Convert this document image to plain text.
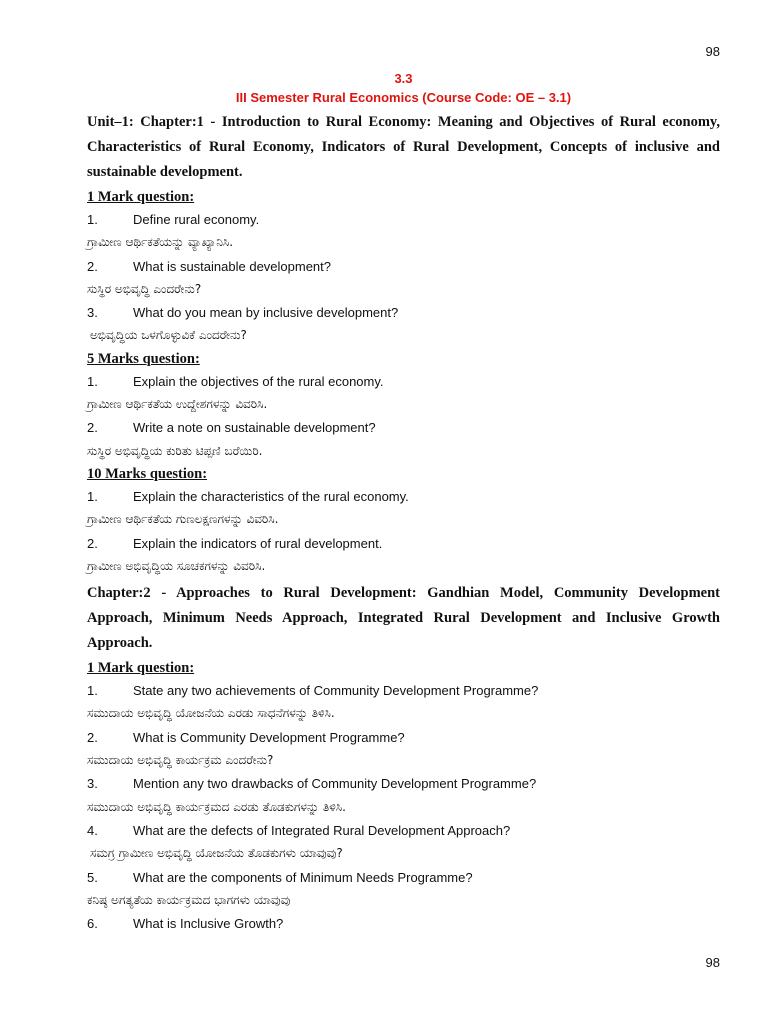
98
3.3
III Semester Rural Economics (Course Code: OE – 3.1)
Unit–1: Chapter:1 - Introduction to Rural Economy: Meaning and Objectives of Rural economy, Characteristics of Rural Economy, Indicators of Rural Development, Concepts of inclusive and sustainable development.
1 Mark question:
1.	Define rural economy.
ಗ್ರಾಮೀಣ ಆರ್ಥಿಕತೆಯನ್ನು ವ್ಯಾಖ್ಯಾನಿಸಿ.
2.	What is sustainable development?
ಸುಸ್ಥಿರ ಅಭಿವೃದ್ಧಿ ಎಂದರೇನು?
3.	What do you mean by inclusive development?
ಅಭಿವೃದ್ಧಿಯ ಒಳಗೊಳ್ಳುವಿಕೆ ಎಂದರೇನು?
5 Marks question:
1.	Explain the objectives of the rural economy.
ಗ್ರಾಮೀಣ ಆರ್ಥಿಕತೆಯ ಉದ್ದೇಶಗಳನ್ನು ವಿವರಿಸಿ.
2.	Write a note on sustainable development?
ಸುಸ್ಥಿರ ಅಭಿವೃದ್ಧಿಯ ಕುರಿತು ಟಿಪ್ಪಣಿ ಬರೆಯಿರಿ.
10 Marks question:
1.	Explain the characteristics of the rural economy.
ಗ್ರಾಮೀಣ ಆರ್ಥಿಕತೆಯ ಗುಣಲಕ್ಷಣಗಳನ್ನು ವಿವರಿಸಿ.
2.	Explain the indicators of rural development.
ಗ್ರಾಮೀಣ ಅಭಿವೃದ್ಧಿಯ ಸೂಚಕಗಳನ್ನು ವಿವರಿಸಿ.
Chapter:2 - Approaches to Rural Development: Gandhian Model, Community Development Approach, Minimum Needs Approach, Integrated Rural Development and Inclusive Growth Approach.
1 Mark question:
1.	State any two achievements of Community Development Programme?
ಸಮುದಾಯ ಅಭಿವೃದ್ಧಿ ಯೋಜನೆಯ ಎರಡು ಸಾಧನೆಗಳನ್ನು ತಿಳಿಸಿ.
2.	What is Community Development Programme?
ಸಮುದಾಯ ಅಭಿವೃದ್ಧಿ ಕಾರ್ಯಕ್ರಮ ಎಂದರೇನು?
3.	Mention any two drawbacks of Community Development Programme?
ಸಮುದಾಯ ಅಭಿವೃದ್ಧಿ ಕಾರ್ಯಕ್ರಮದ ಎರಡು ತೊಡಕುಗಳನ್ನು ತಿಳಿಸಿ.
4.	What are the defects of Integrated Rural Development Approach?
ಸಮಗ್ರ ಗ್ರಾಮೀಣ ಅಭಿವೃದ್ಧಿ ಯೋಜನೆಯ ತೊಡಕುಗಳು ಯಾವುವು?
5.	What are the components of Minimum Needs Programme?
ಕನಿಷ್ಠ ಅಗತ್ಯತೆಯ ಕಾರ್ಯಕ್ರಮದ ಭಾಗಗಳು ಯಾವುವು
6.	What is Inclusive Growth?
98
